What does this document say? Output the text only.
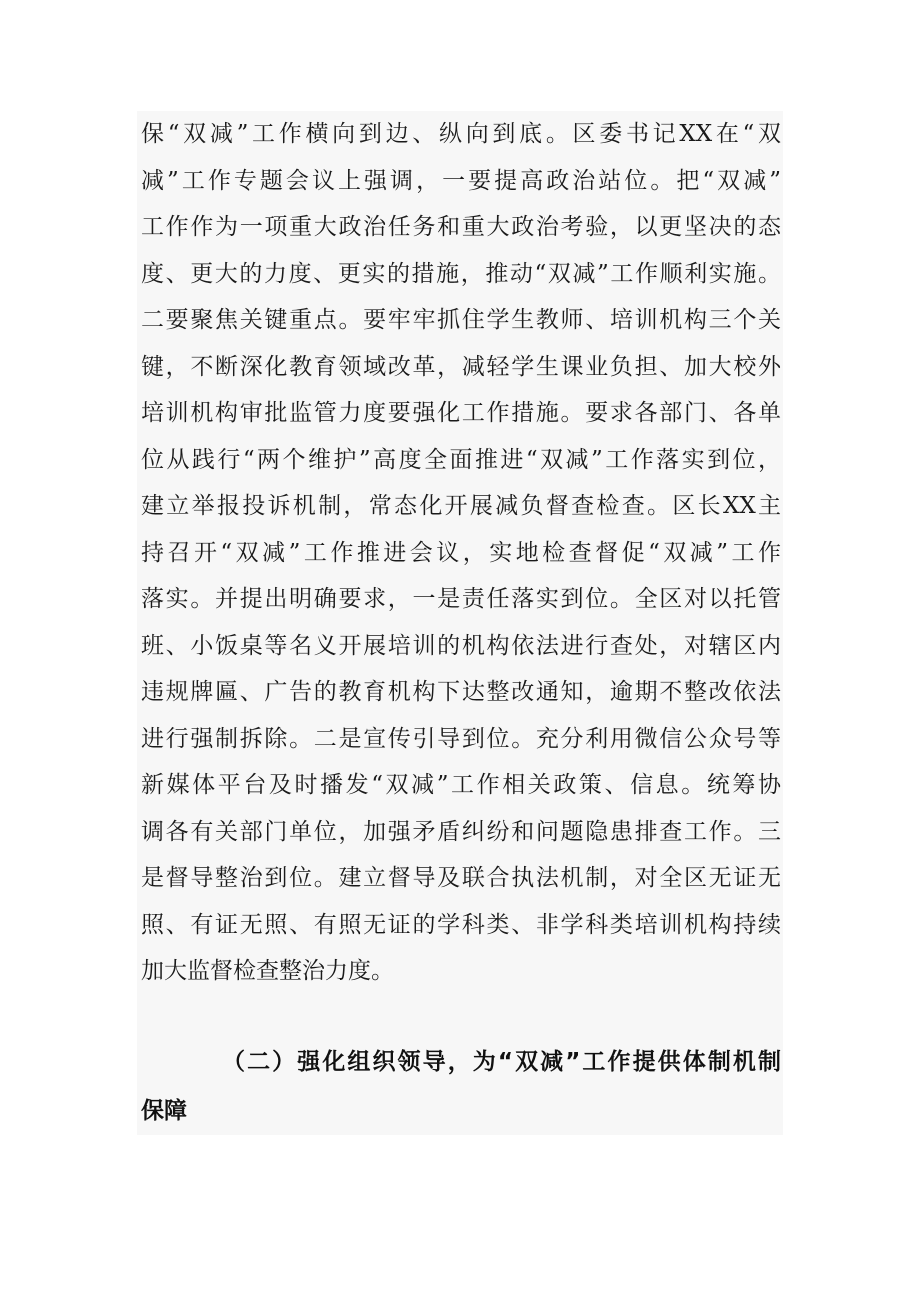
保“双减”工作横向到边、纵向到底。区委书记XX在“双
减”工作专题会议上强调，一要提高政治站位。把“双减”
工作作为一项重大政治任务和重大政治考验，以更坚决的态
度、更大的力度、更实的措施，推动“双减”工作顺利实施。
二要聚焦关键重点。要牢牢抓住学生教师、培训机构三个关
键，不断深化教育领域改革，减轻学生课业负担、加大校外
培训机构审批监管力度要强化工作措施。要求各部门、各单
位从践行“两个维护”高度全面推进“双减”工作落实到位，
建立举报投诉机制，常态化开展减负督查检查。区长XX主
持召开“双减”工作推进会议，实地检查督促“双减”工作
落实。并提出明确要求，一是责任落实到位。全区对以托管
班、小饭桌等名义开展培训的机构依法进行查处，对辖区内
违规牌匾、广告的教育机构下达整改通知，逾期不整改依法
进行强制拆除。二是宣传引导到位。充分利用微信公众号等
新媒体平台及时播发“双减”工作相关政策、信息。统筹协
调各有关部门单位，加强矛盾纠纷和问题隐患排查工作。三
是督导整治到位。建立督导及联合执法机制，对全区无证无
照、有证无照、有照无证的学科类、非学科类培训机构持续
加大监督检查整治力度。
（二）强化组织领导，为“双减”工作提供体制机制
保障
